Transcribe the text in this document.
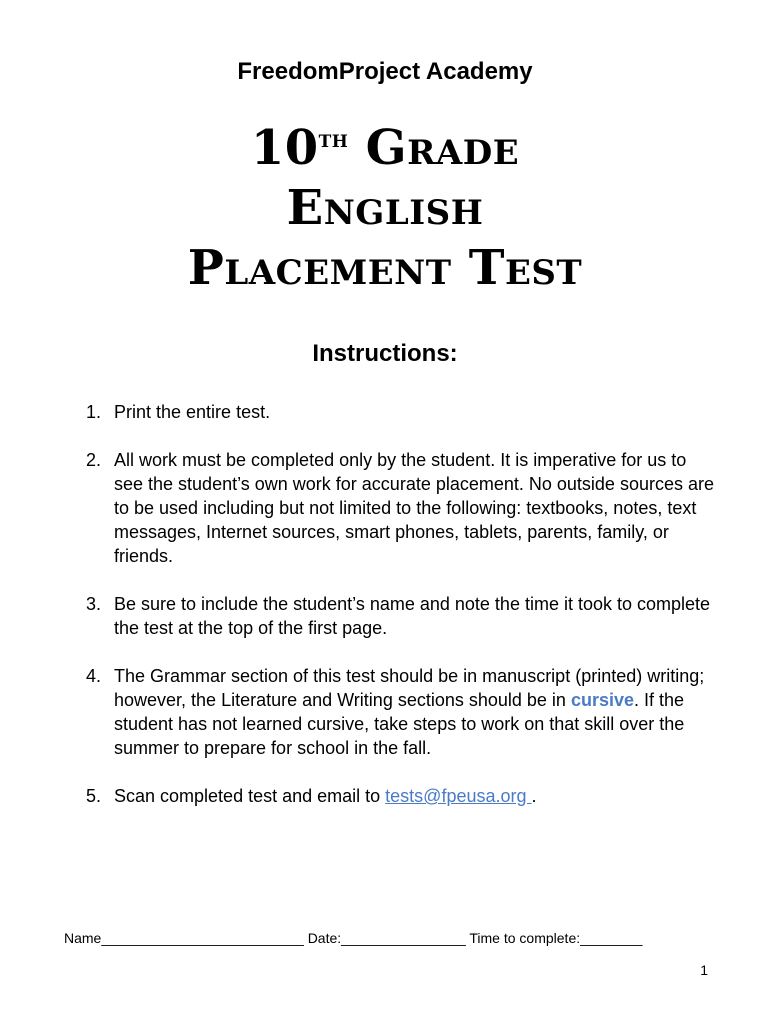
FreedomProject Academy
10th Grade
English
Placement Test
Instructions:
1. Print the entire test.
2. All work must be completed only by the student. It is imperative for us to see the student’s own work for accurate placement. No outside sources are to be used including but not limited to the following: textbooks, notes, text messages, Internet sources, smart phones, tablets, parents, family, or friends.
3. Be sure to include the student’s name and note the time it took to complete the test at the top of the first page.
4. The Grammar section of this test should be in manuscript (printed) writing; however, the Literature and Writing sections should be in cursive. If the student has not learned cursive, take steps to work on that skill over the summer to prepare for school in the fall.
5. Scan completed test and email to tests@fpeusa.org .
Name__________________________ Date:________________ Time to complete:________
1
